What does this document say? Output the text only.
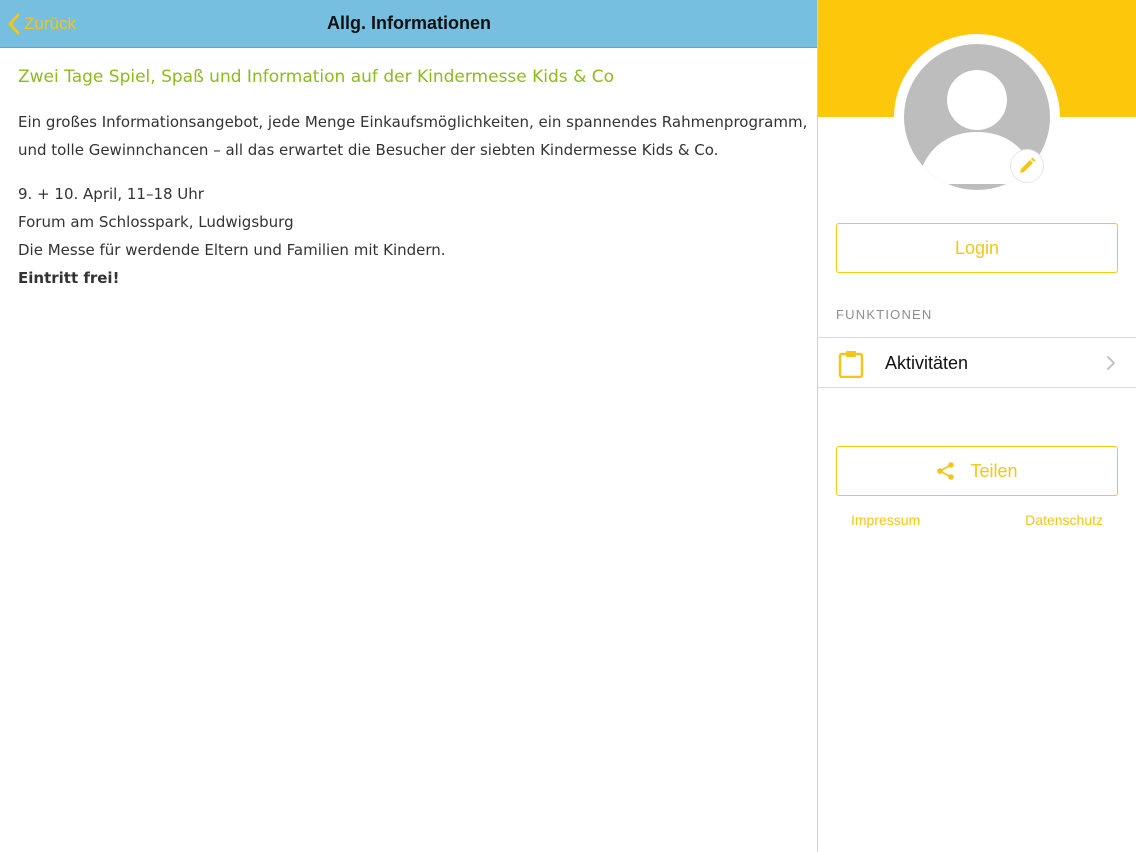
Zurück	Allg. Informationen
Zwei Tage Spiel, Spaß und Information auf der Kindermesse Kids & Co

Ein großes Informationsangebot, jede Menge Einkaufsmöglichkeiten, ein spannendes Rahmenprogramm, und tolle Gewinnchancen – all das erwartet die Besucher der siebten Kindermesse Kids & Co.

9. + 10. April, 11–18 Uhr
Forum am Schlosspark, Ludwigsburg
Die Messe für werdende Eltern und Familien mit Kindern.
Eintritt frei!
Login
FUNKTIONEN
Aktivitäten
Teilen
Impressum	Datenschutz
